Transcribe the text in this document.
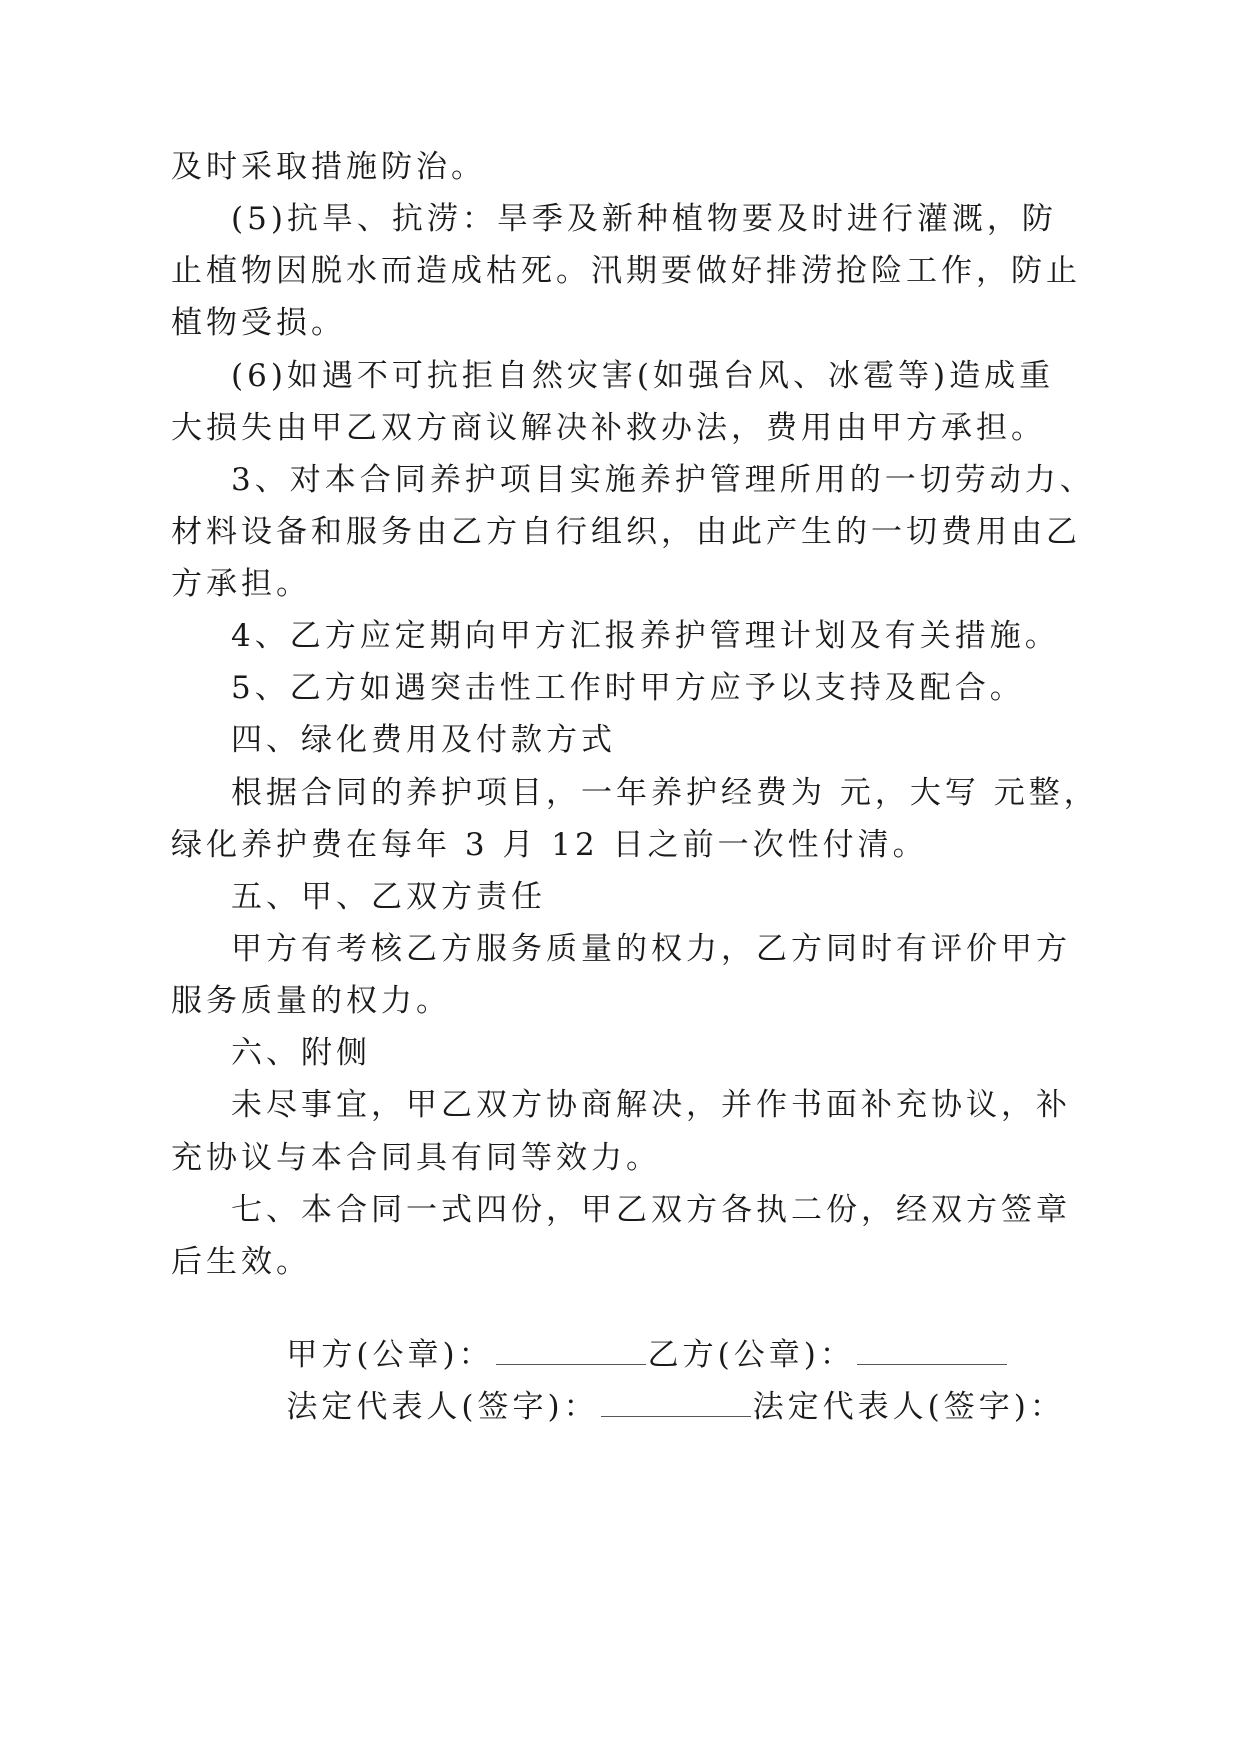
及时采取措施防治。
(5)抗旱、抗涝：旱季及新种植物要及时进行灌溉，防
止植物因脱水而造成枯死。汛期要做好排涝抢险工作，防止
植物受损。
(6)如遇不可抗拒自然灾害(如强台风、冰雹等)造成重
大损失由甲乙双方商议解决补救办法，费用由甲方承担。
3、对本合同养护项目实施养护管理所用的一切劳动力、
材料设备和服务由乙方自行组织，由此产生的一切费用由乙
方承担。
4、乙方应定期向甲方汇报养护管理计划及有关措施。
5、乙方如遇突击性工作时甲方应予以支持及配合。
四、绿化费用及付款方式
根据合同的养护项目，一年养护经费为 元，大写 元整，
绿化养护费在每年 3 月 12 日之前一次性付清。
五、甲、乙双方责任
甲方有考核乙方服务质量的权力，乙方同时有评价甲方
服务质量的权力。
六、附侧
未尽事宜，甲乙双方协商解决，并作书面补充协议，补
充协议与本合同具有同等效力。
七、本合同一式四份，甲乙双方各执二份，经双方签章
后生效。

甲方(公章)：	乙方(公章)：

法定代表人(签字)：	法定代表人(签字)：
